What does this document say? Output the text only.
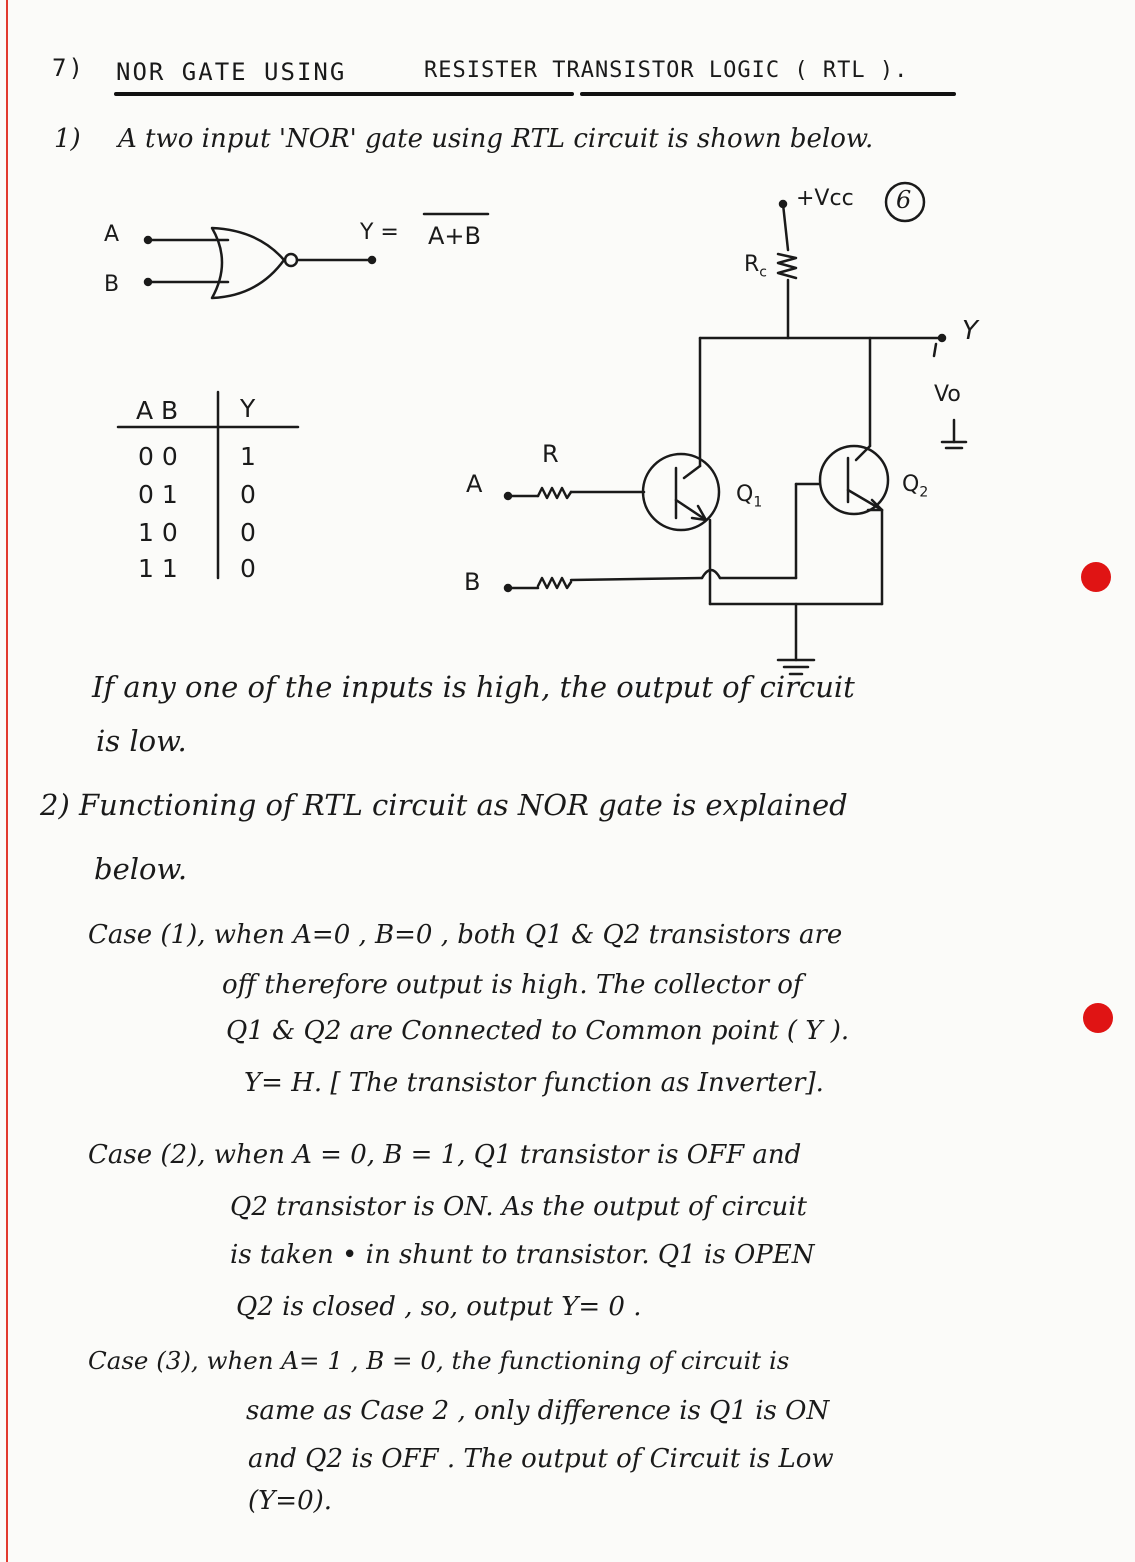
7) NOR GATE USING	RESISTER TRANSISTOR LOGIC ( RTL ).
1) A two input 'NOR' gate using RTL circuit is shown below.
6
A
B
Y = A+B
A B Y
0 0 1
0 1 0
1 0 0
1 1 0
+Vcc
$R_c$
Y
Vo
R
A
B
$Q_1$
$Q_2$
If any one of the inputs is high, the output of circuit
is low.
2) Functioning of RTL circuit as NOR gate is explained
below.
Case (1), when A=0 , B=0 , both Q1 & Q2 transistors are
off therefore output is high. The collector of
Q1 & Q2 are Connected to Common point ( Y ).
Y= H. [ The transistor function as Inverter].
Case (2), when A = 0, B = 1, Q1 transistor is OFF and
Q2 transistor is ON. As the output of circuit
is taken • in shunt to transistor. Q1 is OPEN
Q2 is closed , so, output Y= 0 .
Case (3), when A= 1 , B = 0, the functioning of circuit is
same as Case 2 , only difference is Q1 is ON
and Q2 is OFF . The output of Circuit is Low
(Y=0).
